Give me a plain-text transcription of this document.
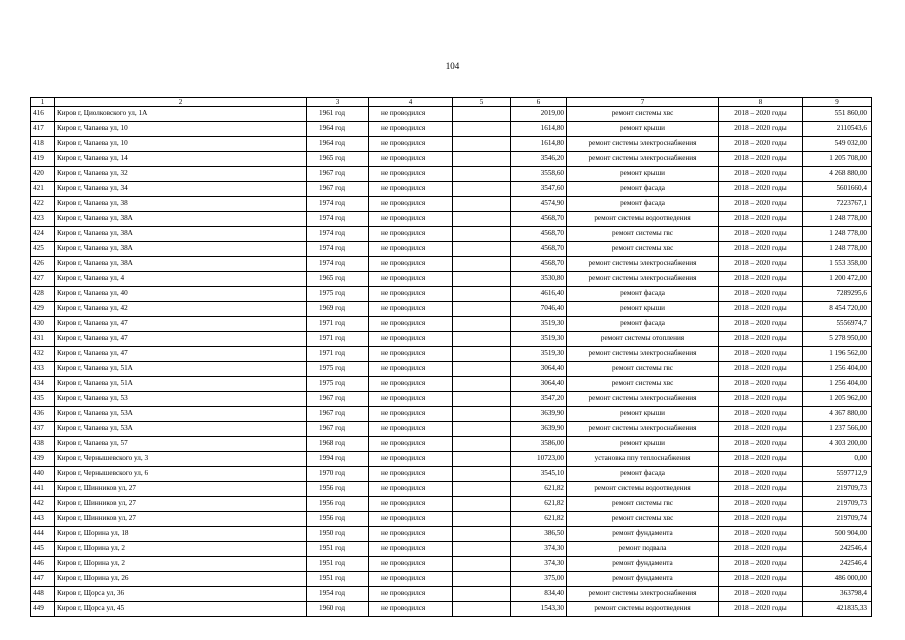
104
1	2	3	4	5	6	7	8	9
416	Киров г, Циолковского ул, 1А	1961 год	не проводился		2019,00	ремонт системы хвс	2018 – 2020 годы	551 860,00
417	Киров г, Чапаева ул, 10	1964 год	не проводился		1614,80	ремонт крыши	2018 – 2020 годы	2110543,6
418	Киров г, Чапаева ул, 10	1964 год	не проводился		1614,80	ремонт системы электроснабжения	2018 – 2020 годы	549 032,00
419	Киров г, Чапаева ул, 14	1965 год	не проводился		3546,20	ремонт системы электроснабжения	2018 – 2020 годы	1 205 708,00
420	Киров г, Чапаева ул, 32	1967 год	не проводился		3558,60	ремонт крыши	2018 – 2020 годы	4 268 880,00
421	Киров г, Чапаева ул, 34	1967 год	не проводился		3547,60	ремонт фасада	2018 – 2020 годы	5601660,4
422	Киров г, Чапаева ул, 38	1974 год	не проводился		4574,90	ремонт фасада	2018 – 2020 годы	7223767,1
423	Киров г, Чапаева ул, 38А	1974 год	не проводился		4568,70	ремонт системы водоотведения	2018 – 2020 годы	1 248 778,00
424	Киров г, Чапаева ул, 38А	1974 год	не проводился		4568,70	ремонт системы гвс	2018 – 2020 годы	1 248 778,00
425	Киров г, Чапаева ул, 38А	1974 год	не проводился		4568,70	ремонт системы хвс	2018 – 2020 годы	1 248 778,00
426	Киров г, Чапаева ул, 38А	1974 год	не проводился		4568,70	ремонт системы электроснабжения	2018 – 2020 годы	1 553 358,00
427	Киров г, Чапаева ул, 4	1965 год	не проводился		3530,80	ремонт системы электроснабжения	2018 – 2020 годы	1 200 472,00
428	Киров г, Чапаева ул, 40	1975 год	не проводился		4616,40	ремонт фасада	2018 – 2020 годы	7289295,6
429	Киров г, Чапаева ул, 42	1969 год	не проводился		7046,40	ремонт крыши	2018 – 2020 годы	8 454 720,00
430	Киров г, Чапаева ул, 47	1971 год	не проводился		3519,30	ремонт фасада	2018 – 2020 годы	5556974,7
431	Киров г, Чапаева ул, 47	1971 год	не проводился		3519,30	ремонт системы отопления	2018 – 2020 годы	5 278 950,00
432	Киров г, Чапаева ул, 47	1971 год	не проводился		3519,30	ремонт системы электроснабжения	2018 – 2020 годы	1 196 562,00
433	Киров г, Чапаева ул, 51А	1975 год	не проводился		3064,40	ремонт системы гвс	2018 – 2020 годы	1 256 404,00
434	Киров г, Чапаева ул, 51А	1975 год	не проводился		3064,40	ремонт системы хвс	2018 – 2020 годы	1 256 404,00
435	Киров г, Чапаева ул, 53	1967 год	не проводился		3547,20	ремонт системы электроснабжения	2018 – 2020 годы	1 205 962,00
436	Киров г, Чапаева ул, 53А	1967 год	не проводился		3639,90	ремонт крыши	2018 – 2020 годы	4 367 880,00
437	Киров г, Чапаева ул, 53А	1967 год	не проводился		3639,90	ремонт системы электроснабжения	2018 – 2020 годы	1 237 566,00
438	Киров г, Чапаева ул, 57	1968 год	не проводился		3586,00	ремонт крыши	2018 – 2020 годы	4 303 200,00
439	Киров г, Чернышевского ул, 3	1994 год	не проводился		10723,00	установка ппу теплоснабжения	2018 – 2020 годы	0,00
440	Киров г, Чернышевского ул, 6	1970 год	не проводился		3545,10	ремонт фасада	2018 – 2020 годы	5597712,9
441	Киров г, Шинников ул, 27	1956 год	не проводился		621,82	ремонт системы водоотведения	2018 – 2020 годы	219709,73
442	Киров г, Шинников ул, 27	1956 год	не проводился		621,82	ремонт системы гвс	2018 – 2020 годы	219709,73
443	Киров г, Шинников ул, 27	1956 год	не проводился		621,82	ремонт системы хвс	2018 – 2020 годы	219709,74
444	Киров г, Шорина ул, 18	1950 год	не проводился		386,50	ремонт фундамента	2018 – 2020 годы	500 904,00
445	Киров г, Шорина ул, 2	1951 год	не проводился		374,30	ремонт подвала	2018 – 2020 годы	242546,4
446	Киров г, Шорина ул, 2	1951 год	не проводился		374,30	ремонт фундамента	2018 – 2020 годы	242546,4
447	Киров г, Шорина ул, 26	1951 год	не проводился		375,00	ремонт фундамента	2018 – 2020 годы	486 000,00
448	Киров г, Щорса ул, 36	1954 год	не проводился		834,40	ремонт системы электроснабжения	2018 – 2020 годы	363798,4
449	Киров г, Щорса ул, 45	1960 год	не проводился		1543,30	ремонт системы водоотведения	2018 – 2020 годы	421835,33
